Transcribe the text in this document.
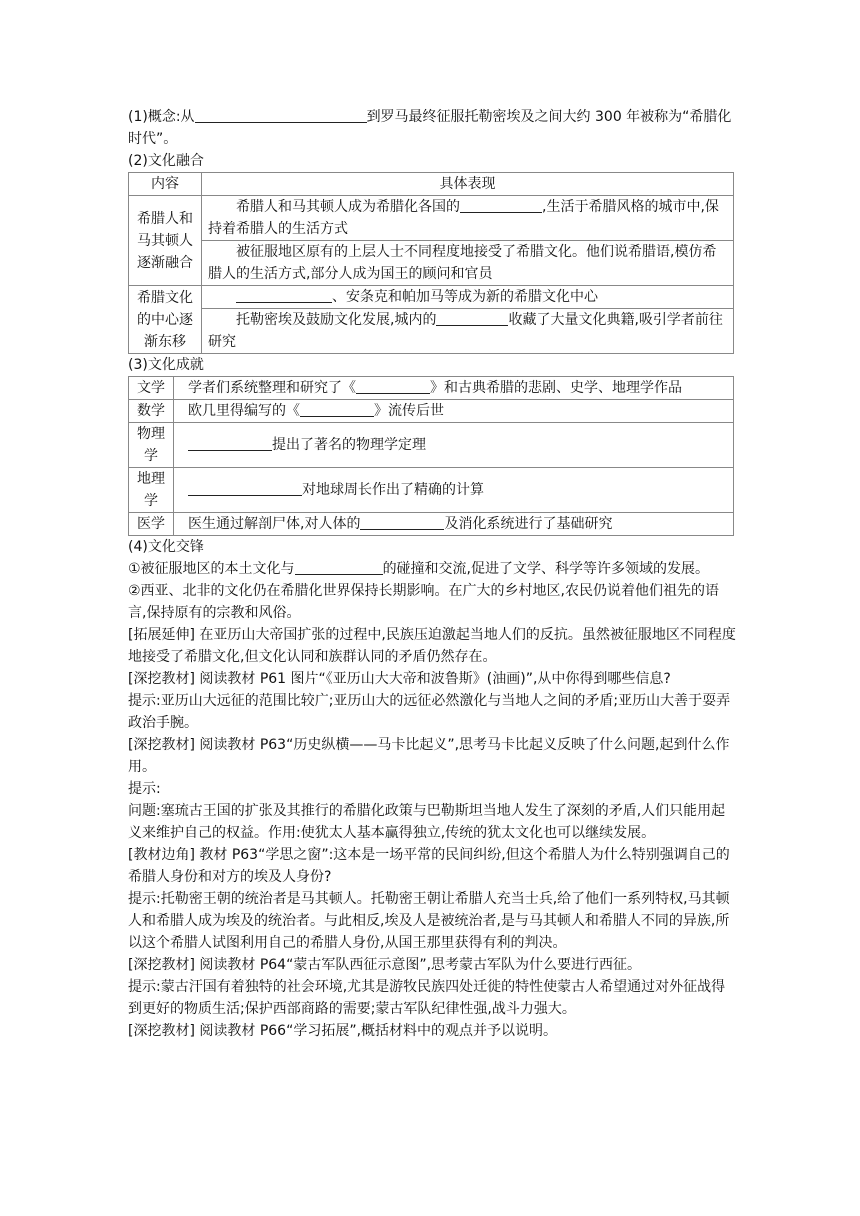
(1)概念:从	到罗马最终征服托勒密埃及之间大约 300 年被称为“希腊化时代”。

(2)文化融合

内容	具体表现
希腊人和马其顿人逐渐融合	希腊人和马其顿人成为希腊化各国的 ,生活于希腊风格的城市中,保持着希腊人的生活方式
	被征服地区原有的上层人士不同程度地接受了希腊文化。他们说希腊语,模仿希腊人的生活方式,部分人成为国王的顾问和官员
希腊文化的中心逐渐东移	、安条克和帕加马等成为新的希腊文化中心
	托勒密埃及鼓励文化发展,城内的 收藏了大量文化典籍,吸引学者前往研究

(3)文化成就

文学	学者们系统整理和研究了《 》和古典希腊的悲剧、史学、地理学作品
数学	欧几里得编写的《 》流传后世
物理学	提出了著名的物理学定理
地理学	对地球周长作出了精确的计算
医学	医生通过解剖尸体,对人体的 及消化系统进行了基础研究

(4)文化交锋

①被征服地区的本土文化与	的碰撞和交流,促进了文学、科学等许多领域的发展。

②西亚、北非的文化仍在希腊化世界保持长期影响。在广大的乡村地区,农民仍说着他们祖先的语言,保持原有的宗教和风俗。

[拓展延伸] 在亚历山大帝国扩张的过程中,民族压迫激起当地人们的反抗。虽然被征服地区不同程度地接受了希腊文化,但文化认同和族群认同的矛盾仍然存在。

[深挖教材] 阅读教材 P61 图片“《亚历山大大帝和波鲁斯》(油画)”,从中你得到哪些信息?

提示:亚历山大远征的范围比较广;亚历山大的远征必然激化与当地人之间的矛盾;亚历山大善于耍弄政治手腕。

[深挖教材] 阅读教材 P63“历史纵横——马卡比起义”,思考马卡比起义反映了什么问题,起到什么作用。

提示:

问题:塞琉古王国的扩张及其推行的希腊化政策与巴勒斯坦当地人发生了深刻的矛盾,人们只能用起义来维护自己的权益。作用:使犹太人基本赢得独立,传统的犹太文化也可以继续发展。

[教材边角] 教材 P63“学思之窗”:这本是一场平常的民间纠纷,但这个希腊人为什么特别强调自己的希腊人身份和对方的埃及人身份?

提示:托勒密王朝的统治者是马其顿人。托勒密王朝让希腊人充当士兵,给了他们一系列特权,马其顿人和希腊人成为埃及的统治者。与此相反,埃及人是被统治者,是与马其顿人和希腊人不同的异族,所以这个希腊人试图利用自己的希腊人身份,从国王那里获得有利的判决。

[深挖教材] 阅读教材 P64“蒙古军队西征示意图”,思考蒙古军队为什么要进行西征。

提示:蒙古汗国有着独特的社会环境,尤其是游牧民族四处迁徙的特性使蒙古人希望通过对外征战得到更好的物质生活;保护西部商路的需要;蒙古军队纪律性强,战斗力强大。

[深挖教材] 阅读教材 P66“学习拓展”,概括材料中的观点并予以说明。
